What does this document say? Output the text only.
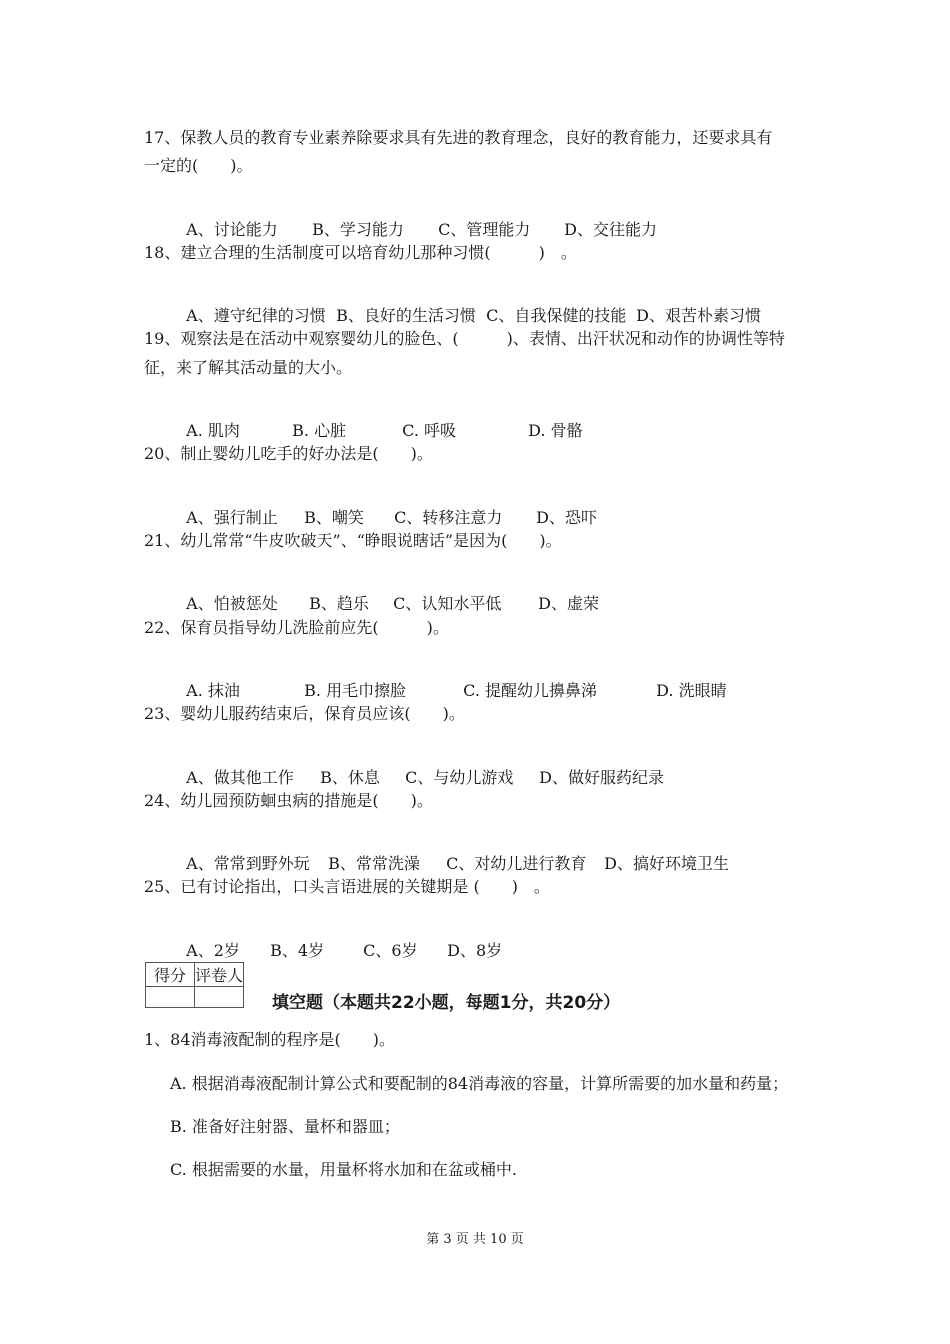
17、保教人员的教育专业素养除要求具有先进的教育理念，良好的教育能力，还要求具有
一定的(　　)。

A、讨论能力 B、学习能力 C、管理能力 D、交往能力

18、建立合理的生活制度可以培育幼儿那种习惯(　　　)　。

A、遵守纪律的习惯 B、良好的生活习惯 C、自我保健的技能 D、艰苦朴素习惯

19、观察法是在活动中观察婴幼儿的脸色、(　　　)、表情、出汗状况和动作的协调性等特
征，来了解其活动量的大小。

A. 肌肉	B. 心脏	C. 呼吸	D. 骨骼

20、制止婴幼儿吃手的好办法是(　　)。

A、强行制止 B、嘲笑 C、转移注意力 D、恐吓

21、幼儿常常“牛皮吹破天”、“睁眼说瞎话”是因为(　　)。

A、怕被惩处 B、趋乐 C、认知水平低 D、虚荣

22、保育员指导幼儿洗脸前应先(　　　)。

A. 抹油	B. 用毛巾擦脸	C. 提醒幼儿擤鼻涕	D. 洗眼睛

23、婴幼儿服药结束后，保育员应该(　　)。

A、做其他工作 B、休息 C、与幼儿游戏 D、做好服药纪录

24、幼儿园预防蛔虫病的措施是(　　)。

A、常常到野外玩 B、常常洗澡 C、对幼儿进行教育 D、搞好环境卫生

25、已有讨论指出，口头言语进展的关键期是 (　　)　。

A、2岁 B、4岁 C、6岁 D、8岁

得分	评卷人

填空题（本题共22小题，每题1分，共20分）
1、84消毒液配制的程序是(　　)。
A. 根据消毒液配制计算公式和要配制的84消毒液的容量，计算所需要的加水量和药量；
B. 准备好注射器、量杯和器皿；
C. 根据需要的水量，用量杯将水加和在盆或桶中.
第 3 页 共 10 页
